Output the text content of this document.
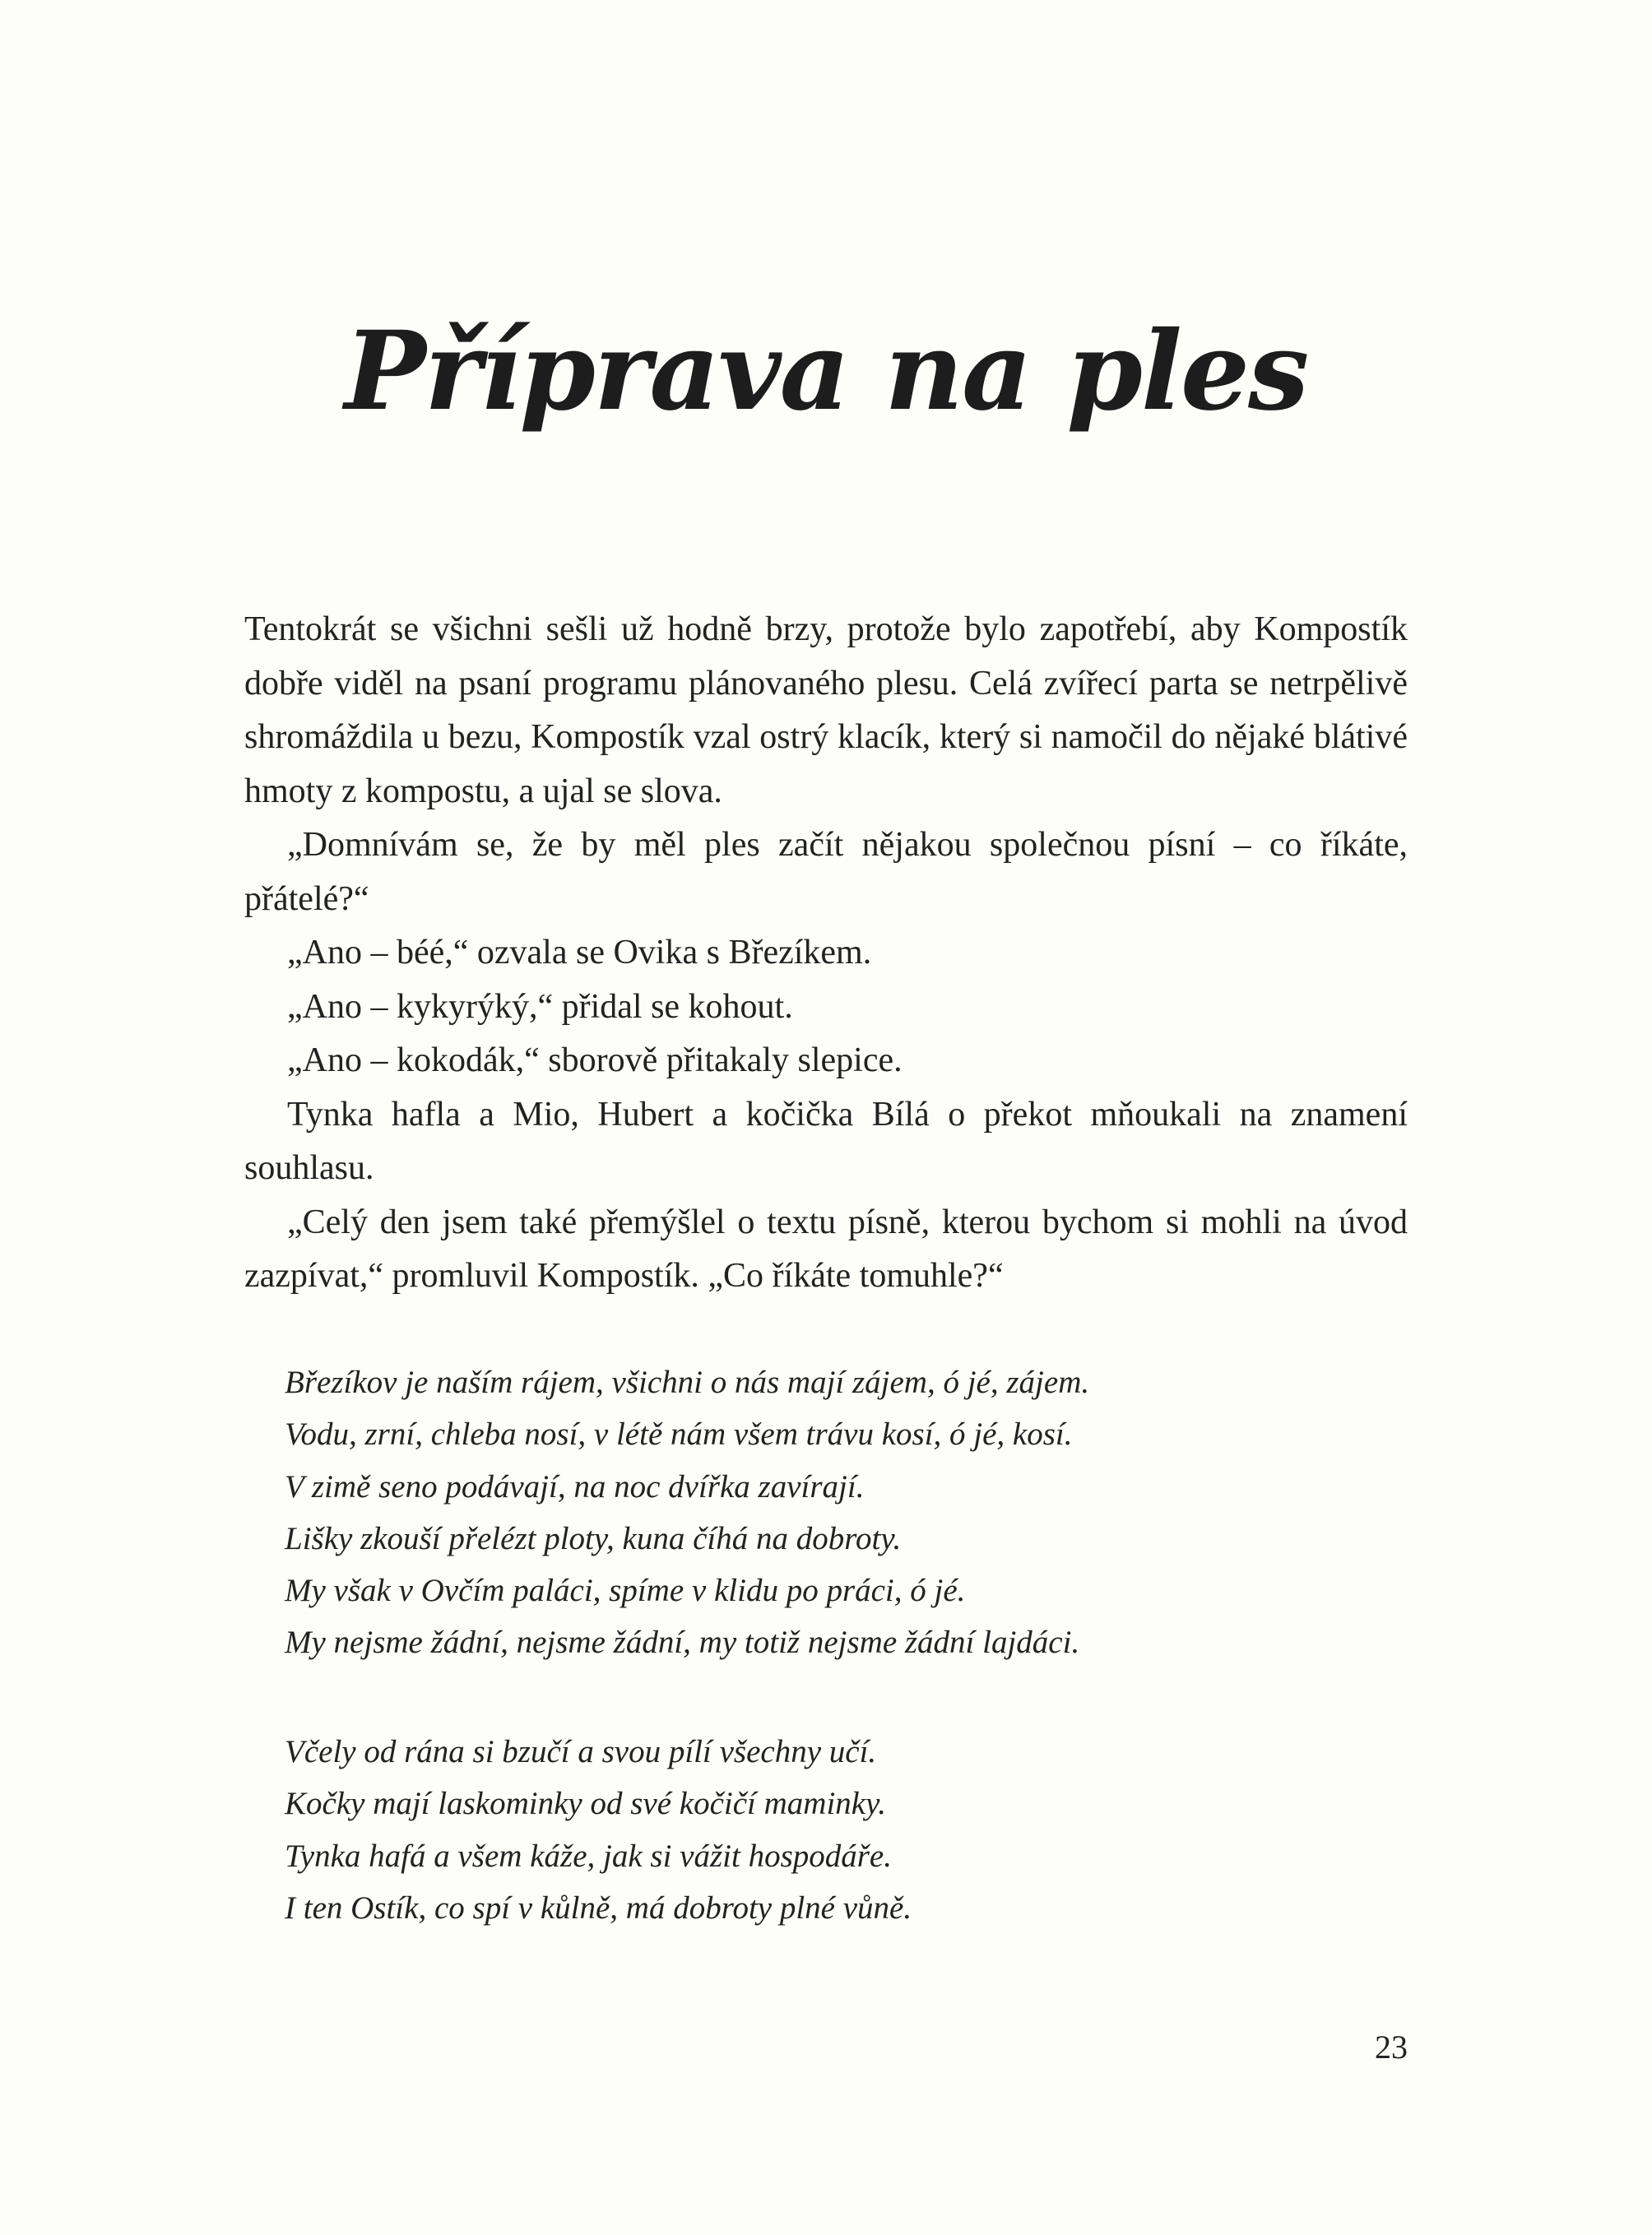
Příprava na ples

Tentokrát se všichni sešli už hodně brzy, protože bylo zapotřebí, aby Kompostík dobře viděl na psaní programu plánovaného plesu. Celá zvířecí parta se netrpělivě shromáždila u bezu, Kompostík vzal ostrý klacík, který si namočil do nějaké blátivé hmoty z kompostu, a ujal se slova.

„Domnívám se, že by měl ples začít nějakou společnou písní – co říkáte, přátelé?“

„Ano – béé,“ ozvala se Ovika s Březíkem.

„Ano – kykyrýký,“ přidal se kohout.

„Ano – kokodák,“ sborově přitakaly slepice.

Tynka hafla a Mio, Hubert a kočička Bílá o překot mňoukali na znamení souhlasu.

„Celý den jsem také přemýšlel o textu písně, kterou bychom si mohli na úvod zazpívat,“ promluvil Kompostík. „Co říkáte tomuhle?“

Březíkov je naším rájem, všichni o nás mají zájem, ó jé, zájem.
Vodu, zrní, chleba nosí, v létě nám všem trávu kosí, ó jé, kosí.
V zimě seno podávají, na noc dvířka zavírají.
Lišky zkouší přelézt ploty, kuna číhá na dobroty.
My však v Ovčím paláci, spíme v klidu po práci, ó jé.
My nejsme žádní, nejsme žádní, my totiž nejsme žádní lajdáci.
Včely od rána si bzučí a svou pílí všechny učí.
Kočky mají laskominky od své kočičí maminky.
Tynka hafá a všem káže, jak si vážit hospodáře.
I ten Ostík, co spí v kůlně, má dobroty plné vůně.
23
